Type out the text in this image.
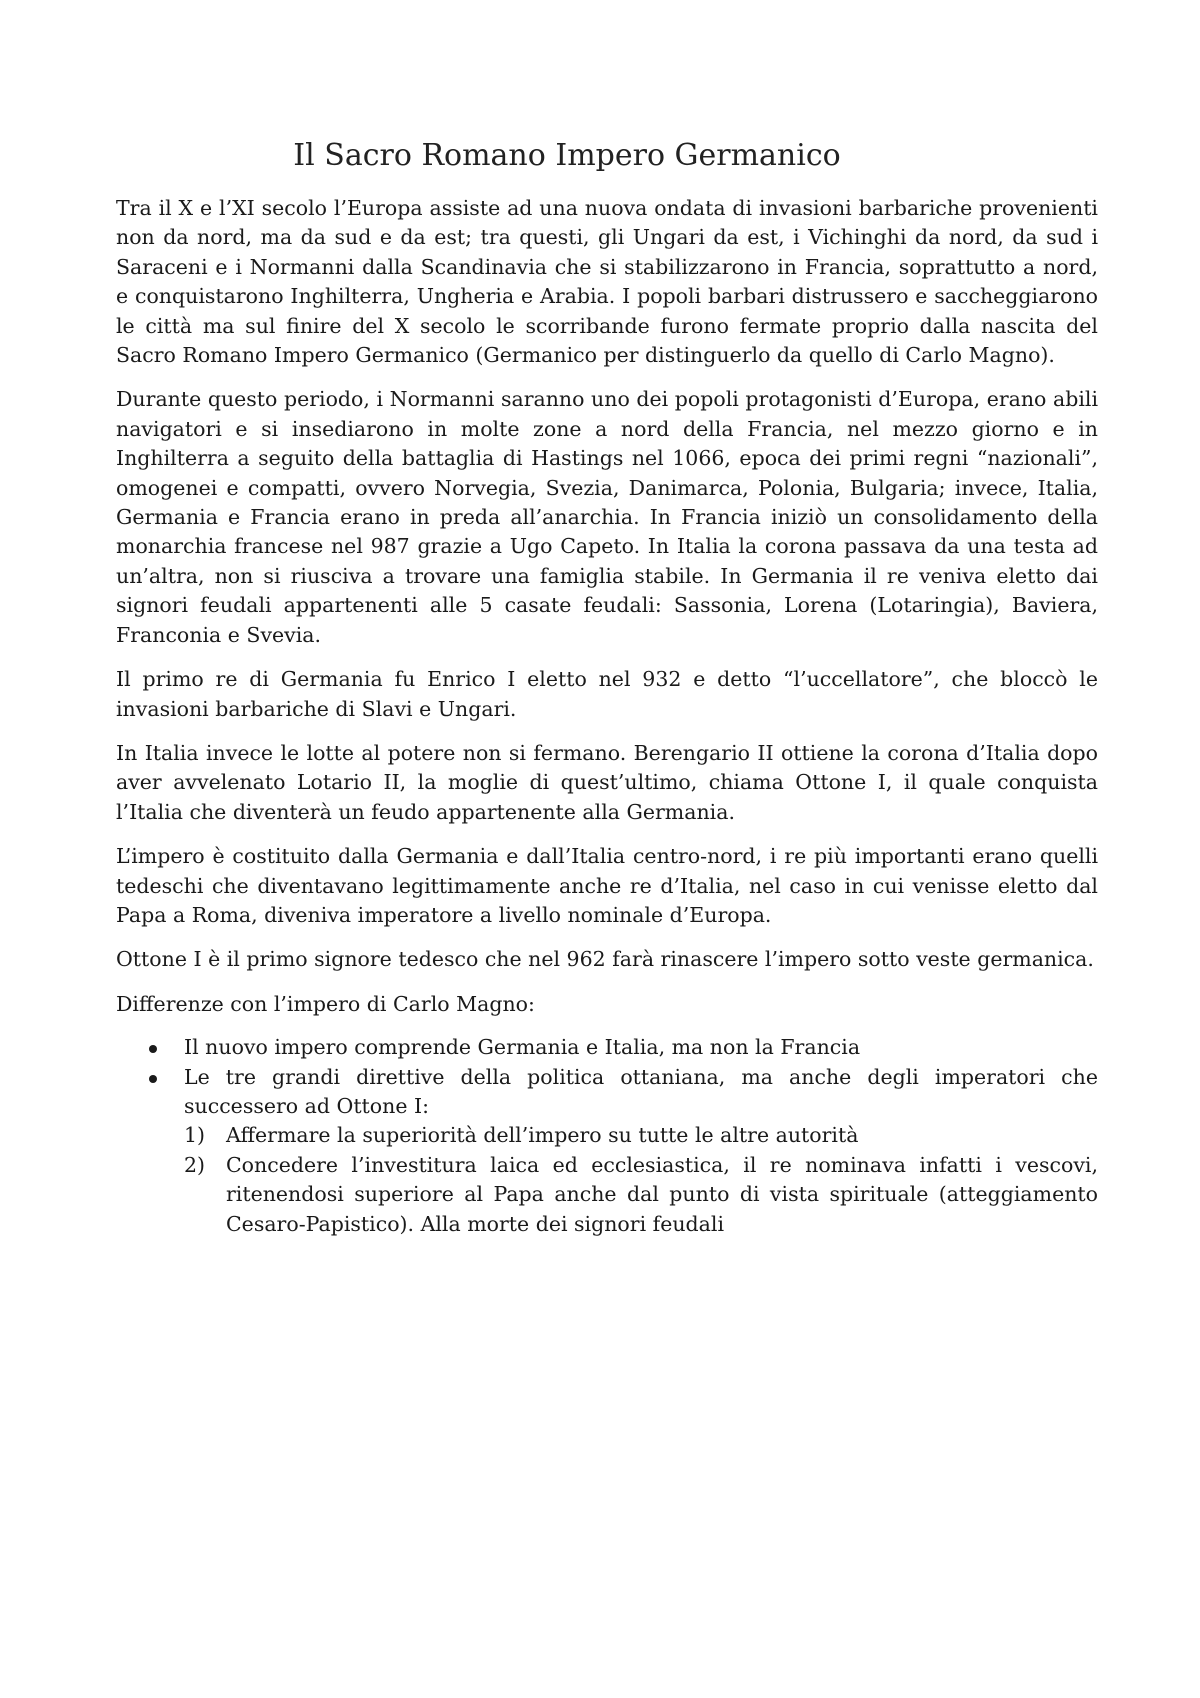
Il Sacro Romano Impero Germanico

Tra il X e l’XI secolo l’Europa assiste ad una nuova ondata di invasioni barbariche provenienti non da nord, ma da sud e da est; tra questi, gli Ungari da est, i Vichinghi da nord, da sud i Saraceni e i Normanni dalla Scandinavia che si stabilizzarono in Francia, soprattutto a nord, e conquistarono Inghilterra, Ungheria e Arabia. I popoli barbari distrussero e saccheggiarono le città ma sul finire del X secolo le scorribande furono fermate proprio dalla nascita del Sacro Romano Impero Germanico (Germanico per distinguerlo da quello di Carlo Magno).

Durante questo periodo, i Normanni saranno uno dei popoli protagonisti d’Europa, erano abili navigatori e si insediarono in molte zone a nord della Francia, nel mezzo giorno e in Inghilterra a seguito della battaglia di Hastings nel 1066, epoca dei primi regni “nazionali”, omogenei e compatti, ovvero Norvegia, Svezia, Danimarca, Polonia, Bulgaria; invece, Italia, Germania e Francia erano in preda all’anarchia. In Francia iniziò un consolidamento della monarchia francese nel 987 grazie a Ugo Capeto. In Italia la corona passava da una testa ad un’altra, non si riusciva a trovare una famiglia stabile. In Germania il re veniva eletto dai signori feudali appartenenti alle 5 casate feudali: Sassonia, Lorena (Lotaringia), Baviera, Franconia e Svevia.

Il primo re di Germania fu Enrico I eletto nel 932 e detto “l’uccellatore”, che bloccò le invasioni barbariche di Slavi e Ungari.

In Italia invece le lotte al potere non si fermano. Berengario II ottiene la corona d’Italia dopo aver avvelenato Lotario II, la moglie di quest’ultimo, chiama Ottone I, il quale conquista l’Italia che diventerà un feudo appartenente alla Germania.

L’impero è costituito dalla Germania e dall’Italia centro-nord, i re più importanti erano quelli tedeschi che diventavano legittimamente anche re d’Italia, nel caso in cui venisse eletto dal Papa a Roma, diveniva imperatore a livello nominale d’Europa.

Ottone I è il primo signore tedesco che nel 962 farà rinascere l’impero sotto veste germanica.

Differenze con l’impero di Carlo Magno:

Il nuovo impero comprende Germania e Italia, ma non la Francia
Le tre grandi direttive della politica ottaniana, ma anche degli imperatori che successero ad Ottone I:
1) Affermare la superiorità dell’impero su tutte le altre autorità
2) Concedere l’investitura laica ed ecclesiastica, il re nominava infatti i vescovi, ritenendosi superiore al Papa anche dal punto di vista spirituale (atteggiamento Cesaro-Papistico). Alla morte dei signori feudali
